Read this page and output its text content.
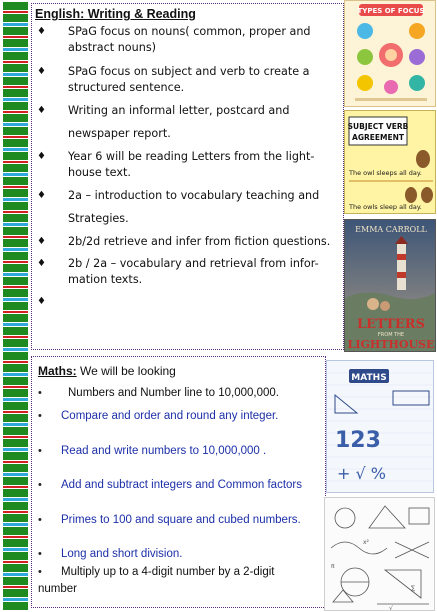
English: Writing & Reading
♦ SPaG focus on nouns( common, proper and
abstract nouns)
♦ SPaG focus on subject and verb to create a
structured sentence.
♦ Writing an informal letter, postcard and
newspaper report.
♦ Year 6 will be reading Letters from the light-
house text.
♦ 2a – introduction to vocabulary teaching and
Strategies.
♦ 2b/2d retrieve and infer from fiction questions.
♦ 2b / 2a – vocabulary and retrieval from infor-
mation texts.
♦
TYPES OF FOCUS
SUBJECT VERB
AGREEMENT
The owl sleeps all day.
The owls sleep all day.
EMMA CARROLL
LETTERS
FROM THE
LIGHTHOUSE
Maths: We will be looking
• Numbers and Number line to 10,000,000.
• Compare and order and round any integer.
• Read and write numbers to 10,000,000 .
• Add and subtract integers and Common factors
• Primes to 100 and square and cubed numbers.
• Long and short division.
• Multiply up to a 4-digit number by a 2-digit
number
MATHS
123
+ √ %
x²
π
∑
√
